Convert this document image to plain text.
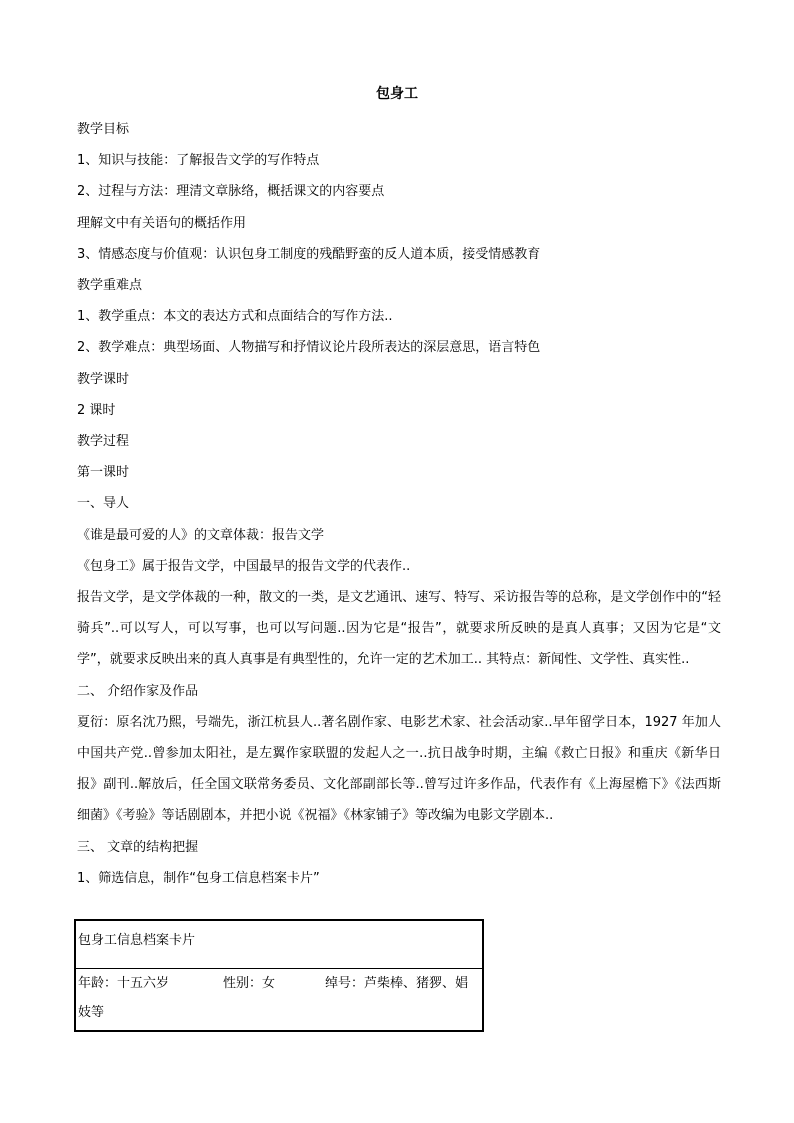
包身工

教学目标

1、知识与技能：了解报告文学的写作特点

2、过程与方法：理清文章脉络，概括课文的内容要点

理解文中有关语句的概括作用

3、情感态度与价值观：认识包身工制度的残酷野蛮的反人道本质，接受情感教育

教学重难点

1、教学重点：本文的表达方式和点面结合的写作方法..

2、教学难点：典型场面、人物描写和抒情议论片段所表达的深层意思，语言特色

教学课时

2 课时

教学过程

第一课时

一、导人

《谁是最可爱的人》的文章体裁：报告文学

《包身工》属于报告文学，中国最早的报告文学的代表作..

报告文学，是文学体裁的一种，散文的一类，是文艺通讯、速写、特写、采访报告等的总称，是文学创作中的“轻骑兵”..可以写人，可以写事，也可以写问题..因为它是“报告”，就要求所反映的是真人真事；又因为它是“文学”，就要求反映出来的真人真事是有典型性的，允许一定的艺术加工.. 其特点：新闻性、文学性、真实性..

二、 介绍作家及作品

夏衍：原名沈乃熙，号端先，浙江杭县人..著名剧作家、电影艺术家、社会活动家..早年留学日本，1927 年加人中国共产党..曾参加太阳社，是左翼作家联盟的发起人之一..抗日战争时期，主编《救亡日报》和重庆《新华日报》副刊..解放后，任全国文联常务委员、文化部副部长等..曾写过许多作品，代表作有《上海屋檐下》《法西斯细菌》《考验》等话剧剧本，并把小说《祝福》《林家铺子》等改编为电影文学剧本..

三、 文章的结构把握

1、筛选信息，制作“包身工信息档案卡片”

包身工信息档案卡片
年龄：十五六岁	性别：女	绰号：芦柴棒、猪猡、娼
妓等
